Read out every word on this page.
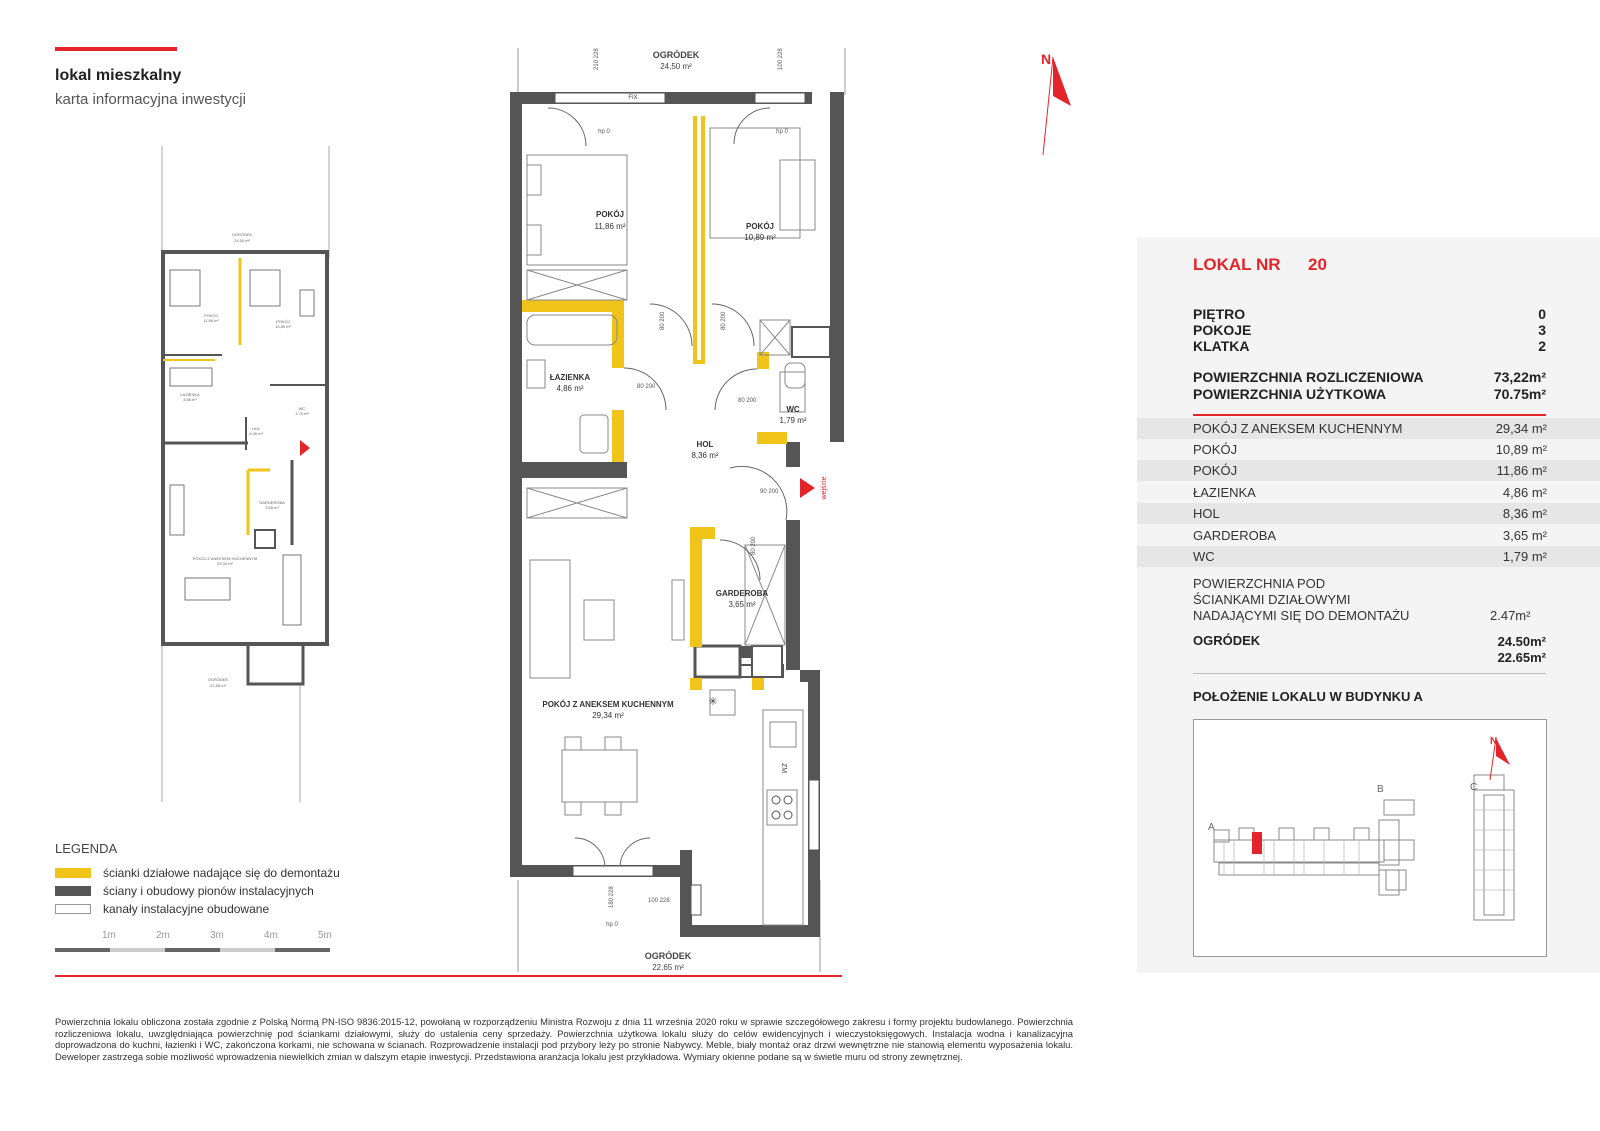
lokal mieszkalny
karta informacyjna inwestycji
OGRÓDEK
24,50 m²
POKÓJ
11,86 m²	POKÓJ
10,89 m²
ŁAZIENKA
4,86 m²
HOL
8,36 m²
WC
1,79 m²
GARDEROBA
3,65 m²
POKÓJ Z ANEKSEM KUCHENNYM
29,34 m²
OGRÓDEK
22,65 m²
wejście
OGRÓDEK
24,50 m²
FIX
hp 0	hp 0
hp 0
POKÓJ
11,86 m²	POKÓJ
10,89 m²
ŁAZIENKA
4,86 m²
HOL
8,36 m²
WC
1,79 m²
GARDEROBA
3,65 m²
POKÓJ Z ANEKSEM KUCHENNYM
29,34 m²
ZM
✳
OGRÓDEK
22,65 m²
210 228	100 228
180 228	100 228
80 200
80 200
90 200
80 200	80 200
80 200
N
LEGENDA
ścianki działowe nadające się do demontażu
ściany i obudowy pionów instalacyjnych
kanały instalacyjne obudowane
1m	2m	3m	4m	5m
Powierzchnia lokalu obliczona została zgodnie z Polską Normą PN-ISO 9836:2015-12, powołaną w rozporządzeniu Ministra Rozwoju z dnia 11 września 2020 roku w sprawie szczegółowego zakresu i formy projektu budowlanego. Powierzchnia rozliczeniowa lokalu, uwzględniająca powierzchnię pod ściankami działowymi, służy do ustalenia ceny sprzedaży. Powierzchnia użytkowa lokalu służy do celów ewidencyjnych i wieczystoksięgowych. Instalacja wodna i kanalizacyjna doprowadzona do kuchni, łazienki i WC, zakończona korkami, nie schowana w ścianach. Rozprowadzenie instalacji pod przybory leży po stronie Nabywcy. Meble, biały montaż oraz drzwi wewnętrzne nie stanowią elementu wyposażenia lokalu. Deweloper zastrzega sobie możliwość wprowadzenia niewielkich zmian w dalszym etapie inwestycji. Przedstawiona aranżacja lokalu jest przykładowa. Wymiary okienne podane są w świetle muru od strony zewnętrznej.
LOKAL NR 20
PIĘTRO	0
POKOJE	3
KLATKA	2
POWIERZCHNIA ROZLICZENIOWA	73,22m²
POWIERZCHNIA UŻYTKOWA	70.75m²
POKÓJ Z ANEKSEM KUCHENNYM	29,34 m²
POKÓJ	10,89 m²
POKÓJ	11,86 m²
ŁAZIENKA	4,86 m²
HOL	8,36 m²
GARDEROBA	3,65 m²
WC	1,79 m²
POWIERZCHNIA POD
ŚCIANKAMI DZIAŁOWYMI
NADAJĄCYMI SIĘ DO DEMONTAŻU	2.47m²
OGRÓDEK	24.50m²
22.65m²
POŁOŻENIE LOKALU W BUDYNKU A
N
A
B	C
